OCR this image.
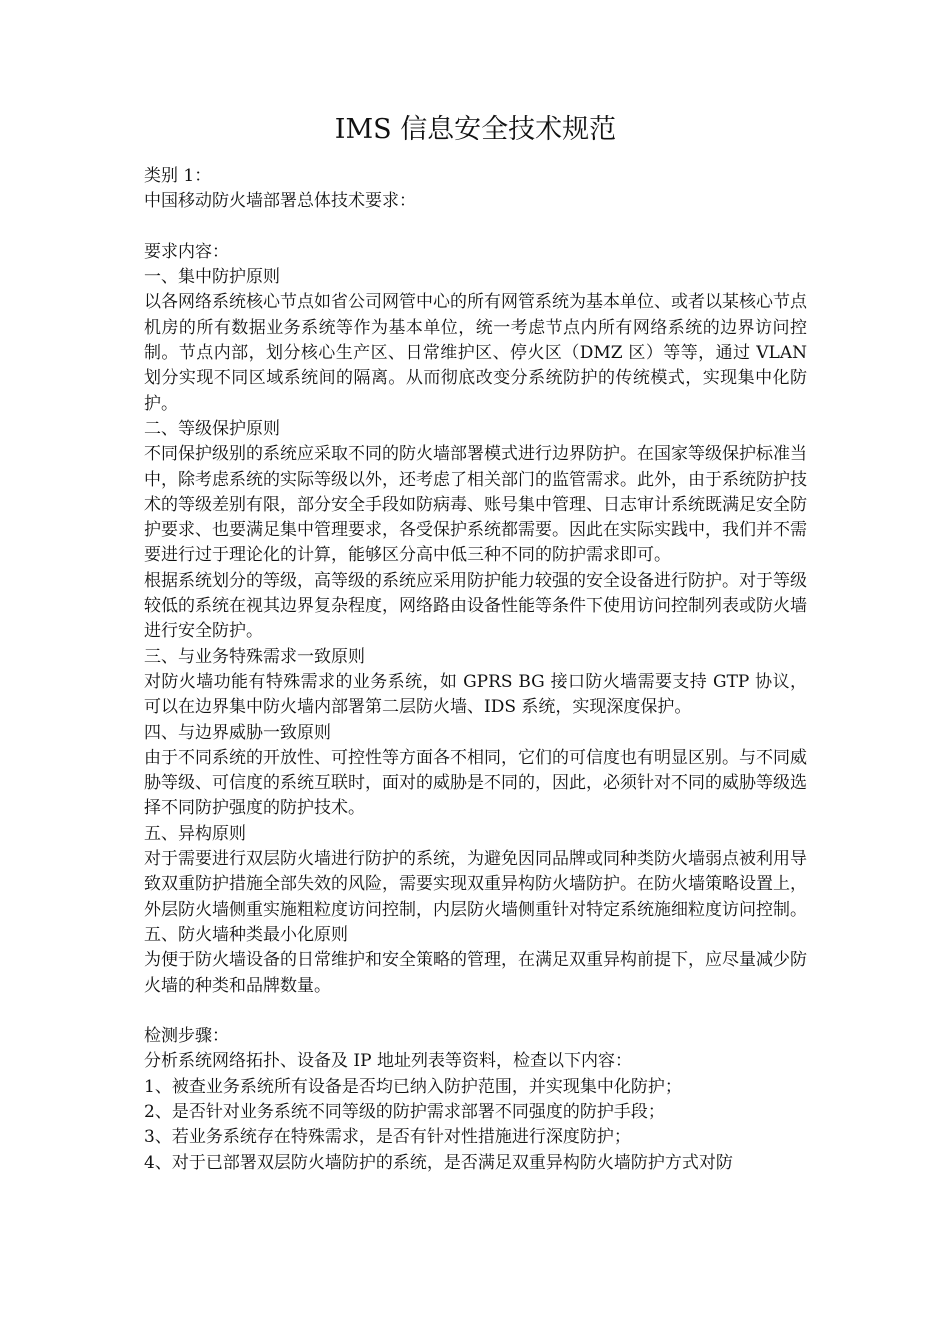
IMS 信息安全技术规范

类别 1：

中国移动防火墙部署总体技术要求：

要求内容：

一、集中防护原则

以各网络系统核心节点如省公司网管中心的所有网管系统为基本单位、或者以某核心节点机房的所有数据业务系统等作为基本单位，统一考虑节点内所有网络系统的边界访问控制。节点内部，划分核心生产区、日常维护区、停火区（DMZ 区）等等，通过 VLAN 划分实现不同区域系统间的隔离。从而彻底改变分系统防护的传统模式，实现集中化防护。

二、等级保护原则

不同保护级别的系统应采取不同的防火墙部署模式进行边界防护。在国家等级保护标准当中，除考虑系统的实际等级以外，还考虑了相关部门的监管需求。此外，由于系统防护技术的等级差别有限，部分安全手段如防病毒、账号集中管理、日志审计系统既满足安全防护要求、也要满足集中管理要求，各受保护系统都需要。因此在实际实践中，我们并不需要进行过于理论化的计算，能够区分高中低三种不同的防护需求即可。

根据系统划分的等级，高等级的系统应采用防护能力较强的安全设备进行防护。对于等级较低的系统在视其边界复杂程度，网络路由设备性能等条件下使用访问控制列表或防火墙进行安全防护。

三、与业务特殊需求一致原则

对防火墙功能有特殊需求的业务系统，如 GPRS BG 接口防火墙需要支持 GTP 协议，可以在边界集中防火墙内部署第二层防火墙、IDS 系统，实现深度保护。

四、与边界威胁一致原则

由于不同系统的开放性、可控性等方面各不相同，它们的可信度也有明显区别。与不同威胁等级、可信度的系统互联时，面对的威胁是不同的，因此，必须针对不同的威胁等级选择不同防护强度的防护技术。

五、异构原则

对于需要进行双层防火墙进行防护的系统，为避免因同品牌或同种类防火墙弱点被利用导致双重防护措施全部失效的风险，需要实现双重异构防火墙防护。在防火墙策略设置上，外层防火墙侧重实施粗粒度访问控制，内层防火墙侧重针对特定系统施细粒度访问控制。

五、防火墙种类最小化原则

为便于防火墙设备的日常维护和安全策略的管理，在满足双重异构前提下，应尽量减少防火墙的种类和品牌数量。

检测步骤：

分析系统网络拓扑、设备及 IP 地址列表等资料，检查以下内容：

1、被查业务系统所有设备是否均已纳入防护范围，并实现集中化防护；

2、是否针对业务系统不同等级的防护需求部署不同强度的防护手段；

3、若业务系统存在特殊需求，是否有针对性措施进行深度防护；

4、对于已部署双层防火墙防护的系统，是否满足双重异构防火墙防护方式对防
